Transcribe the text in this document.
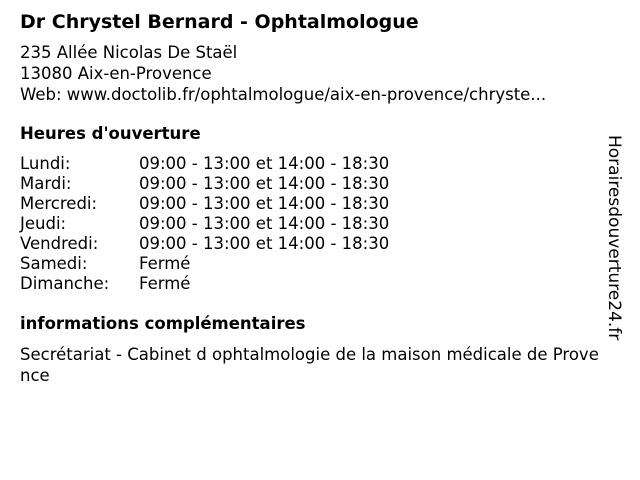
Dr Chrystel Bernard - Ophtalmologue
235 Allée Nicolas De Staël
13080 Aix-en-Provence
Web: www.doctolib.fr/ophtalmologue/aix-en-provence/chryste...
Heures d'ouverture
Lundi:	09:00 - 13:00 et 14:00 - 18:30
Mardi:	09:00 - 13:00 et 14:00 - 18:30
Mercredi:	09:00 - 13:00 et 14:00 - 18:30
Jeudi:	09:00 - 13:00 et 14:00 - 18:30
Vendredi: 09:00 - 13:00 et 14:00 - 18:30
Samedi:	Fermé
Dimanche: Fermé
informations complémentaires
Secrétariat - Cabinet d ophtalmologie de la maison médicale de Prove
nce
Horairesdouverture24.fr
